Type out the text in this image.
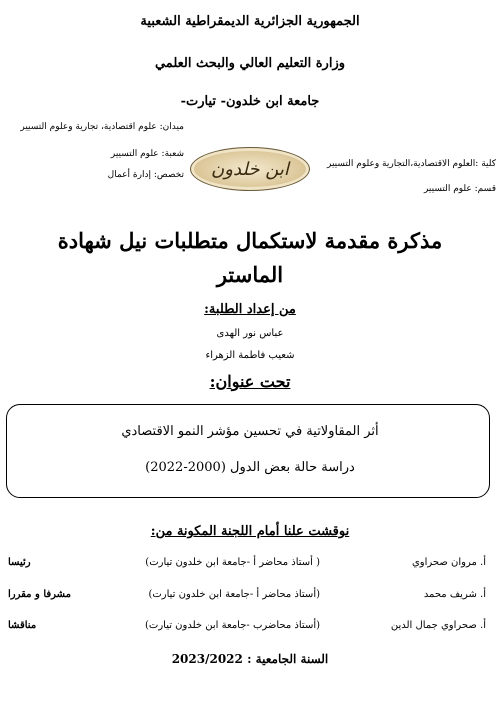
الجمهورية الجزائرية الديمقراطية الشعبية
وزارة التعليم العالي والبحث العلمي
جامعة ابن خلدون- تيارت-
ميدان: علوم اقتصادية، تجارية وعلوم التسيير
شعبة: علوم التسيير
تخصص: إدارة أعمال ابن خلدون	كلية :العلوم الاقتصادية،التجارية وعلوم التسيير
قسم: علوم التسيير
مذكرة مقدمة لاستكمال متطلبات نيل شهادة
الماستر
من إعداد الطلبة:
عباس نور الهدى
شعيب فاطمة الزهراء
تحت عنوان:
أثر المقاولاتية في تحسين مؤشر النمو الاقتصادي
دراسة حالة بعض الدول (2000-2022)
نوقشت علنا أمام اللجنة المكونة من:
أ. مروان صحراوي
( أستاذ محاضر أ -جامعة ابن خلدون تيارت)
رئيسا
أ. شريف محمد
(أستاذ محاضر أ -جامعة ابن خلدون تيارت)
مشرفا و مقررا
أ. صحراوي جمال الدين
(أستاذ محاضرب -جامعة ابن خلدون تيارت)
مناقشا
السنة الجامعية : 2023/2022
